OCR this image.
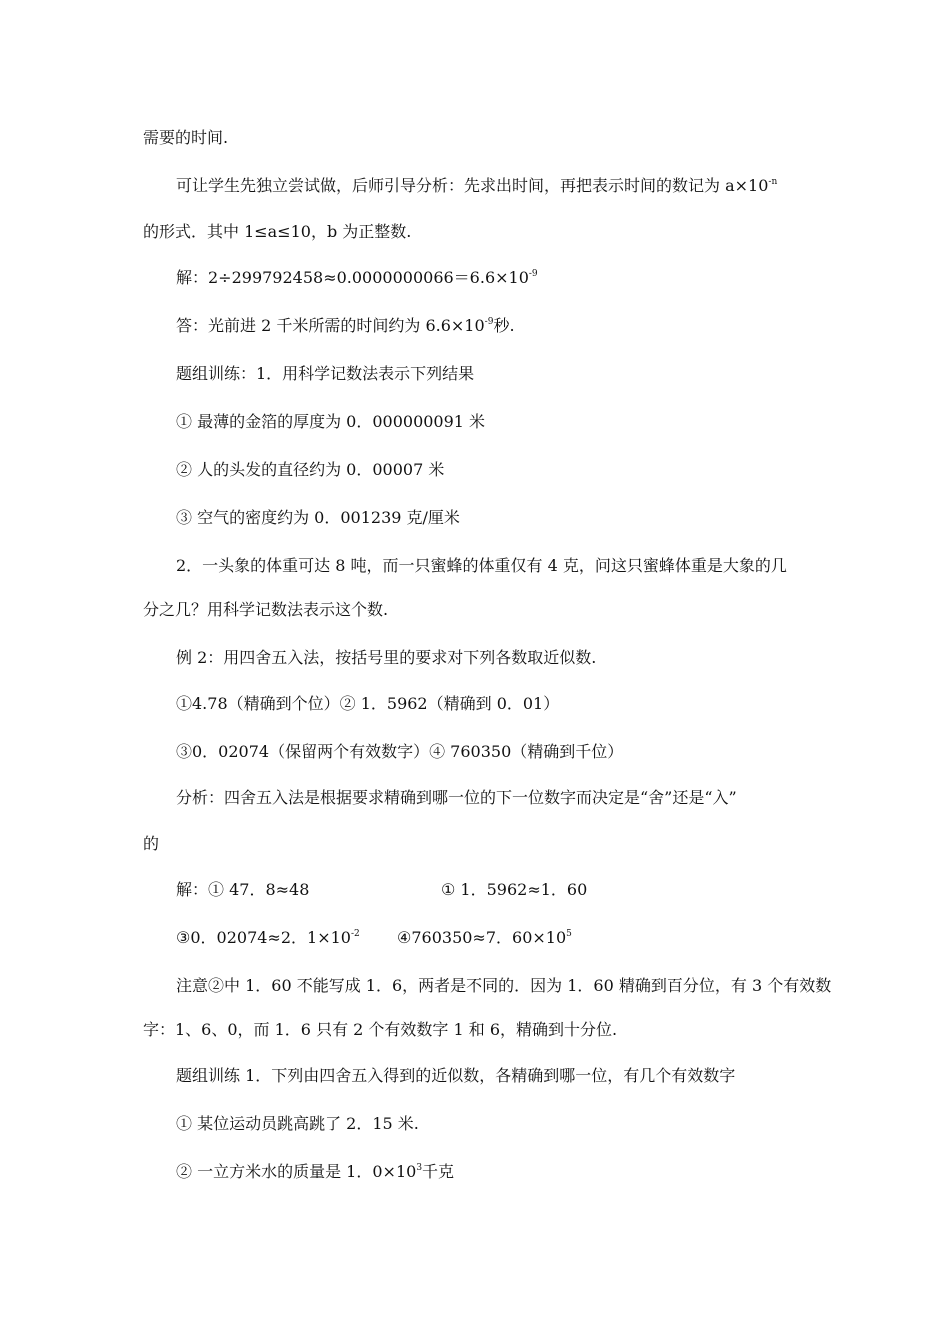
需要的时间.
可让学生先独立尝试做，后师引导分析：先求出时间，再把表示时间的数记为 $a\times 10^{-n}$
的形式．其中 1≤a≤10，b 为正整数.
解：$2\div 299792458\approx 0.0000000066=6.6\times 10^{-9}$
答：光前进 2 千米所需的时间约为 $6.6\times 10^{-9}$秒.
题组训练：1．用科学记数法表示下列结果
① 最薄的金箔的厚度为 0．000000091 米
② 人的头发的直径约为 0．00007 米
③ 空气的密度约为 0．001239 克/厘米
2．一头象的体重可达 8 吨，而一只蜜蜂的体重仅有 4 克，问这只蜜蜂体重是大象的几
分之几？用科学记数法表示这个数.
例 2：用四舍五入法，按括号里的要求对下列各数取近似数.
①4.78（精确到个位）② 1．5962（精确到 0．01）
③0．02074（保留两个有效数字）④ 760350（精确到千位）
分析：四舍五入法是根据要求精确到哪一位的下一位数字而决定是“舍”还是“入”
的
解：① 47．8≈48	① 1．5962≈1．60
③0．02074≈2．$1\times 10^{-2}$ ④760350≈7．$60\times 10^5$
注意②中 1．60 不能写成 1．6，两者是不同的．因为 1．60 精确到百分位，有 3 个有效数
字：1、6、0，而 1．6 只有 2 个有效数字 1 和 6，精确到十分位.
题组训练 1．下列由四舍五入得到的近似数，各精确到哪一位，有几个有效数字
① 某位运动员跳高跳了 2．15 米.
② 一立方米水的质量是 1．$0\times 10^3$千克
